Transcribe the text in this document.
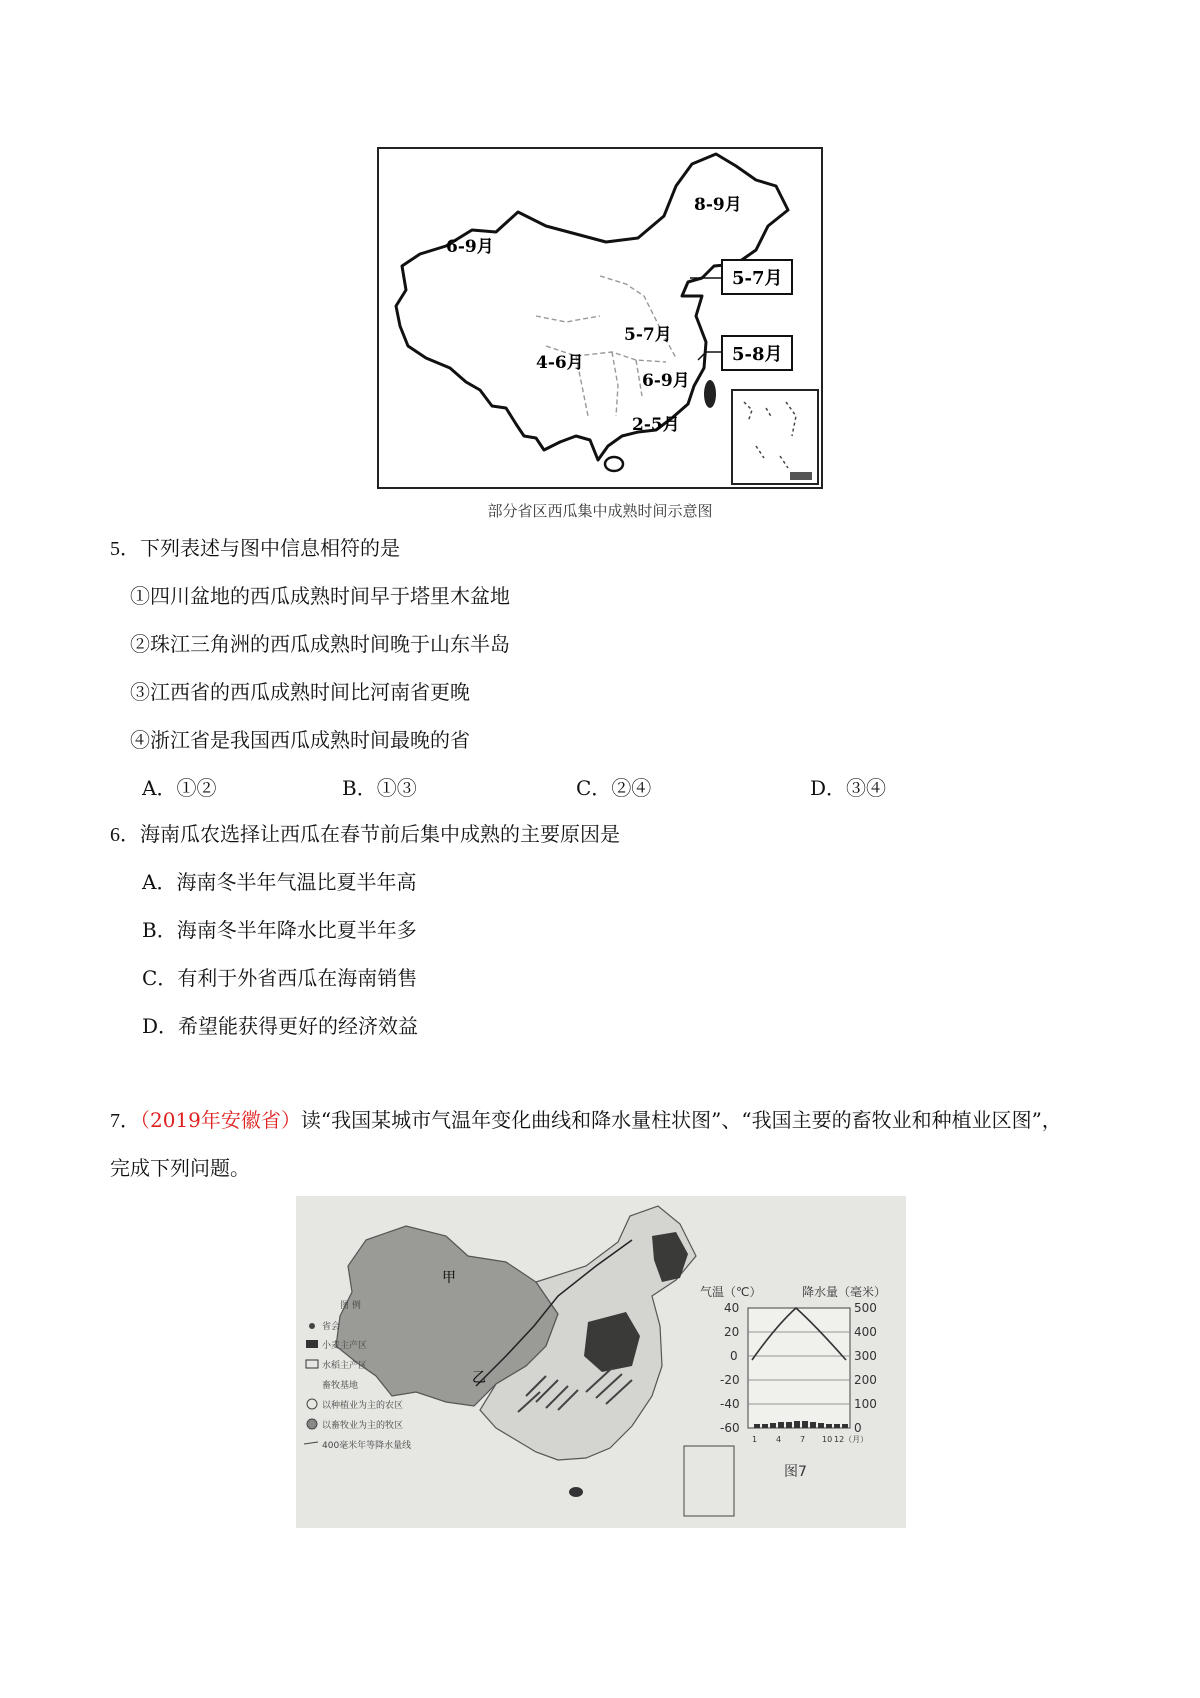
8-9月
6-9月
5-7月
5-7月
4-6月	5-8月
6-9月
2-5月
部分省区西瓜集中成熟时间示意图
5．下列表述与图中信息相符的是
①四川盆地的西瓜成熟时间早于塔里木盆地
②珠江三角洲的西瓜成熟时间晚于山东半岛
③江西省的西瓜成熟时间比河南省更晚
④浙江省是我国西瓜成熟时间最晚的省
A．①②	B．①③	C．②④	D．③④
6．海南瓜农选择让西瓜在春节前后集中成熟的主要原因是
A．海南冬半年气温比夏半年高
B．海南冬半年降水比夏半年多
C．有利于外省西瓜在海南销售
D．希望能获得更好的经济效益
7．（2019年安徽省）读“我国某城市气温年变化曲线和降水量柱状图”、“我国主要的畜牧业和种植业区图”，
完成下列问题。
甲
乙
图 例
省会
小麦主产区
水稻主产区
畜牧基地
以种植业为主的农区
以畜牧业为主的牧区
400毫米年等降水量线
气温（℃）	降水量（毫米）
40
20
0
-20
-40
-60
500
400
300
200
100
0
1 4 7 10 12（月）
图7
